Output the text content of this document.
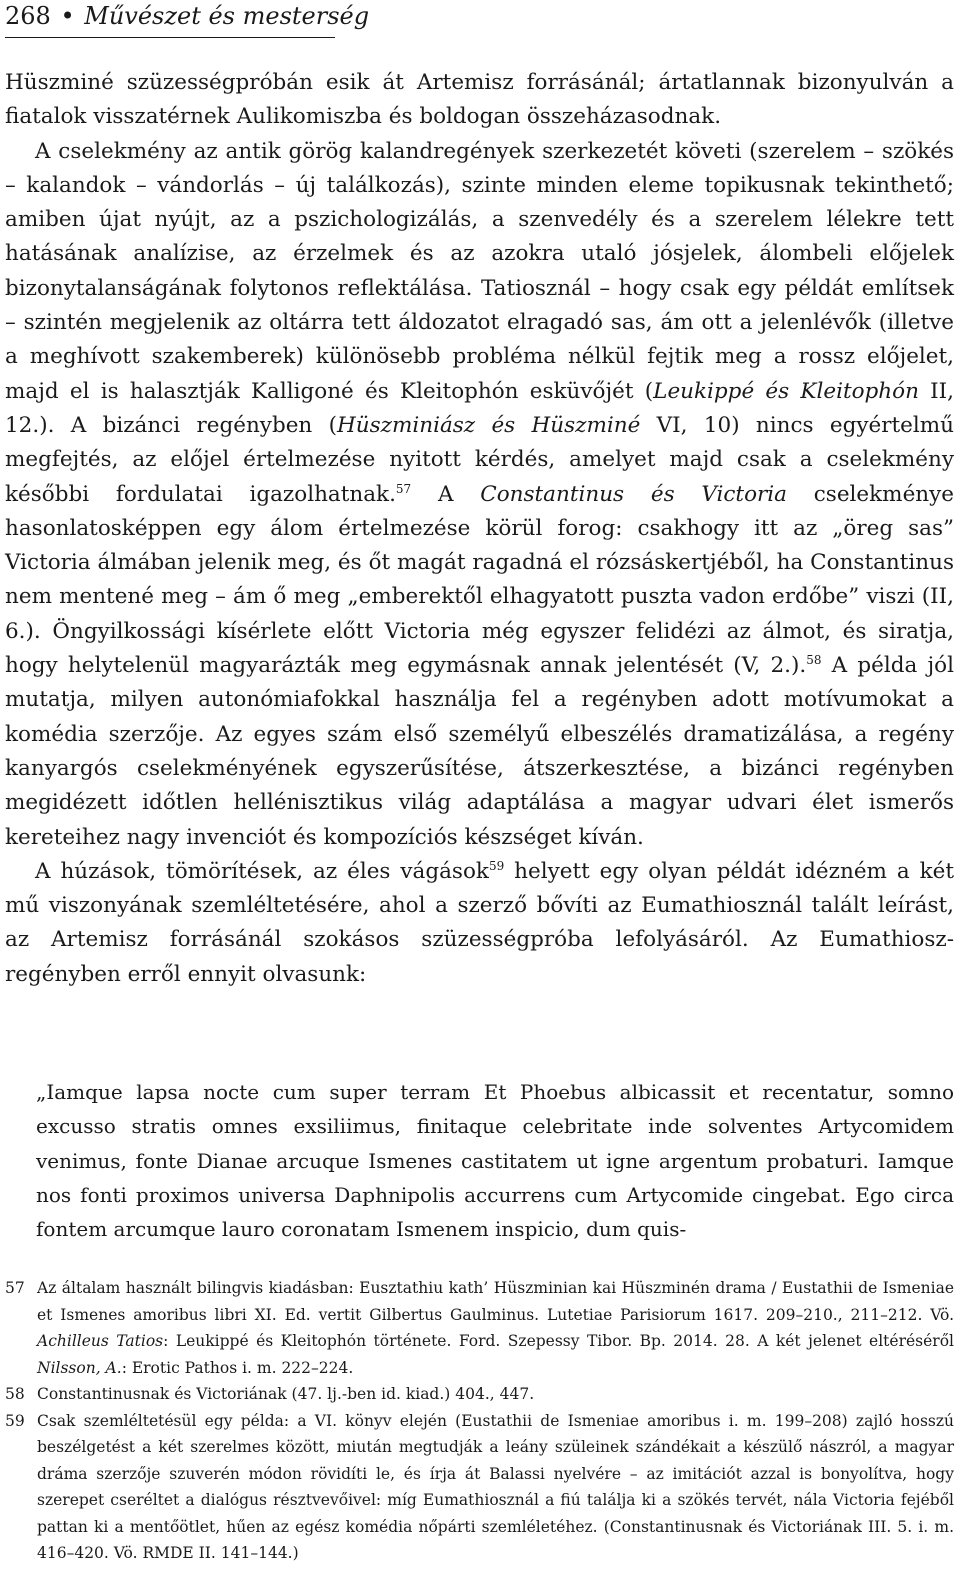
268 • Művészet és mesterség

Hüszminé szüzességpróbán esik át Artemisz forrásánál; ártatlannak bizonyulván a fiatalok visszatérnek Aulikomiszba és boldogan összeházasodnak.

A cselekmény az antik görög kalandregények szerkezetét követi (szerelem – szökés – kalandok – vándorlás – új találkozás), szinte minden eleme topikusnak tekinthető; amiben újat nyújt, az a pszichologizálás, a szenvedély és a szerelem lélekre tett hatásának analízise, az érzelmek és az azokra utaló jósjelek, álombeli előjelek bizonytalanságának folytonos reflektálása. Tatiosznál – hogy csak egy példát említsek – szintén megjelenik az oltárra tett áldozatot elragadó sas, ám ott a jelenlévők (illetve a meghívott szakemberek) különösebb probléma nélkül fejtik meg a rossz előjelet, majd el is halasztják Kalligoné és Kleitophón esküvőjét (Leukippé és Kleitophón II, 12.). A bizánci regényben (Hüszminiász és Hüszminé VI, 10) nincs egyértelmű megfejtés, az előjel értelmezése nyitott kérdés, amelyet majd csak a cselekmény későbbi fordulatai igazolhatnak.$^{57}$ A Constantinus és Victoria cselekménye hasonlatosképpen egy álom értelmezése körül forog: csakhogy itt az „öreg sas” Victoria álmában jelenik meg, és őt magát ragadná el rózsáskertjéből, ha Constantinus nem mentené meg – ám ő meg „emberektől elhagyatott puszta vadon erdőbe” viszi (II, 6.). Öngyilkossági kísérlete előtt Victoria még egyszer felidézi az álmot, és siratja, hogy helytelenül magyarázták meg egymásnak annak jelentését (V, 2.).$^{58}$ A példa jól mutatja, milyen autonómiafokkal használja fel a regényben adott motívumokat a komédia szerzője. Az egyes szám első személyű elbeszélés dramatizálása, a regény kanyargós cselekményének egyszerűsítése, átszerkesztése, a bizánci regényben megidézett időtlen hellénisztikus világ adaptálása a magyar udvari élet ismerős kereteihez nagy invenciót és kompozíciós készséget kíván.

A húzások, tömörítések, az éles vágások$^{59}$ helyett egy olyan példát idézném a két mű viszonyának szemléltetésére, ahol a szerző bővíti az Eumathiosznál talált leírást, az Artemisz forrásánál szokásos szüzességpróba lefolyásáról. Az Eumathiosz-regényben erről ennyit olvasunk:

„Iamque lapsa nocte cum super terram Et Phoebus albicassit et recentatur, somno excusso stratis omnes exsiliimus, finitaque celebritate inde solventes Artycomidem venimus, fonte Dianae arcuque Ismenes castitatem ut igne argentum probaturi. Iamque nos fonti proximos universa Daphnipolis accurrens cum Artycomide cingebat. Ego circa fontem arcumque lauro coronatam Ismenem inspicio, dum quis-

57 Az általam használt bilingvis kiadásban: Eusztathiu kath’ Hüszminian kai Hüszminén drama / Eustathii de Ismeniae et Ismenes amoribus libri XI. Ed. vertit Gilbertus Gaulminus. Lutetiae Parisiorum 1617. 209–210., 211–212. Vö. Achilleus Tatios: Leukippé és Kleitophón története. Ford. Szepessy Tibor. Bp. 2014. 28. A két jelenet eltéréséről Nilsson, A.: Erotic Pathos i. m. 222–224.
58 Constantinusnak és Victoriának (47. lj.-ben id. kiad.) 404., 447.
59 Csak szemléltetésül egy példa: a VI. könyv elején (Eustathii de Ismeniae amoribus i. m. 199–208) zajló hosszú beszélgetést a két szerelmes között, miután megtudják a leány szüleinek szándékait a készülő nászról, a magyar dráma szerzője szuverén módon rövidíti le, és írja át Balassi nyelvére – az imitációt azzal is bonyolítva, hogy szerepet cseréltet a dialógus résztvevőivel: míg Eumathiosznál a fiú találja ki a szökés tervét, nála Victoria fejéből pattan ki a mentőötlet, hűen az egész komédia nőpárti szemléletéhez. (Constantinusnak és Victoriának III. 5. i. m. 416–420. Vö. RMDE II. 141–144.)
